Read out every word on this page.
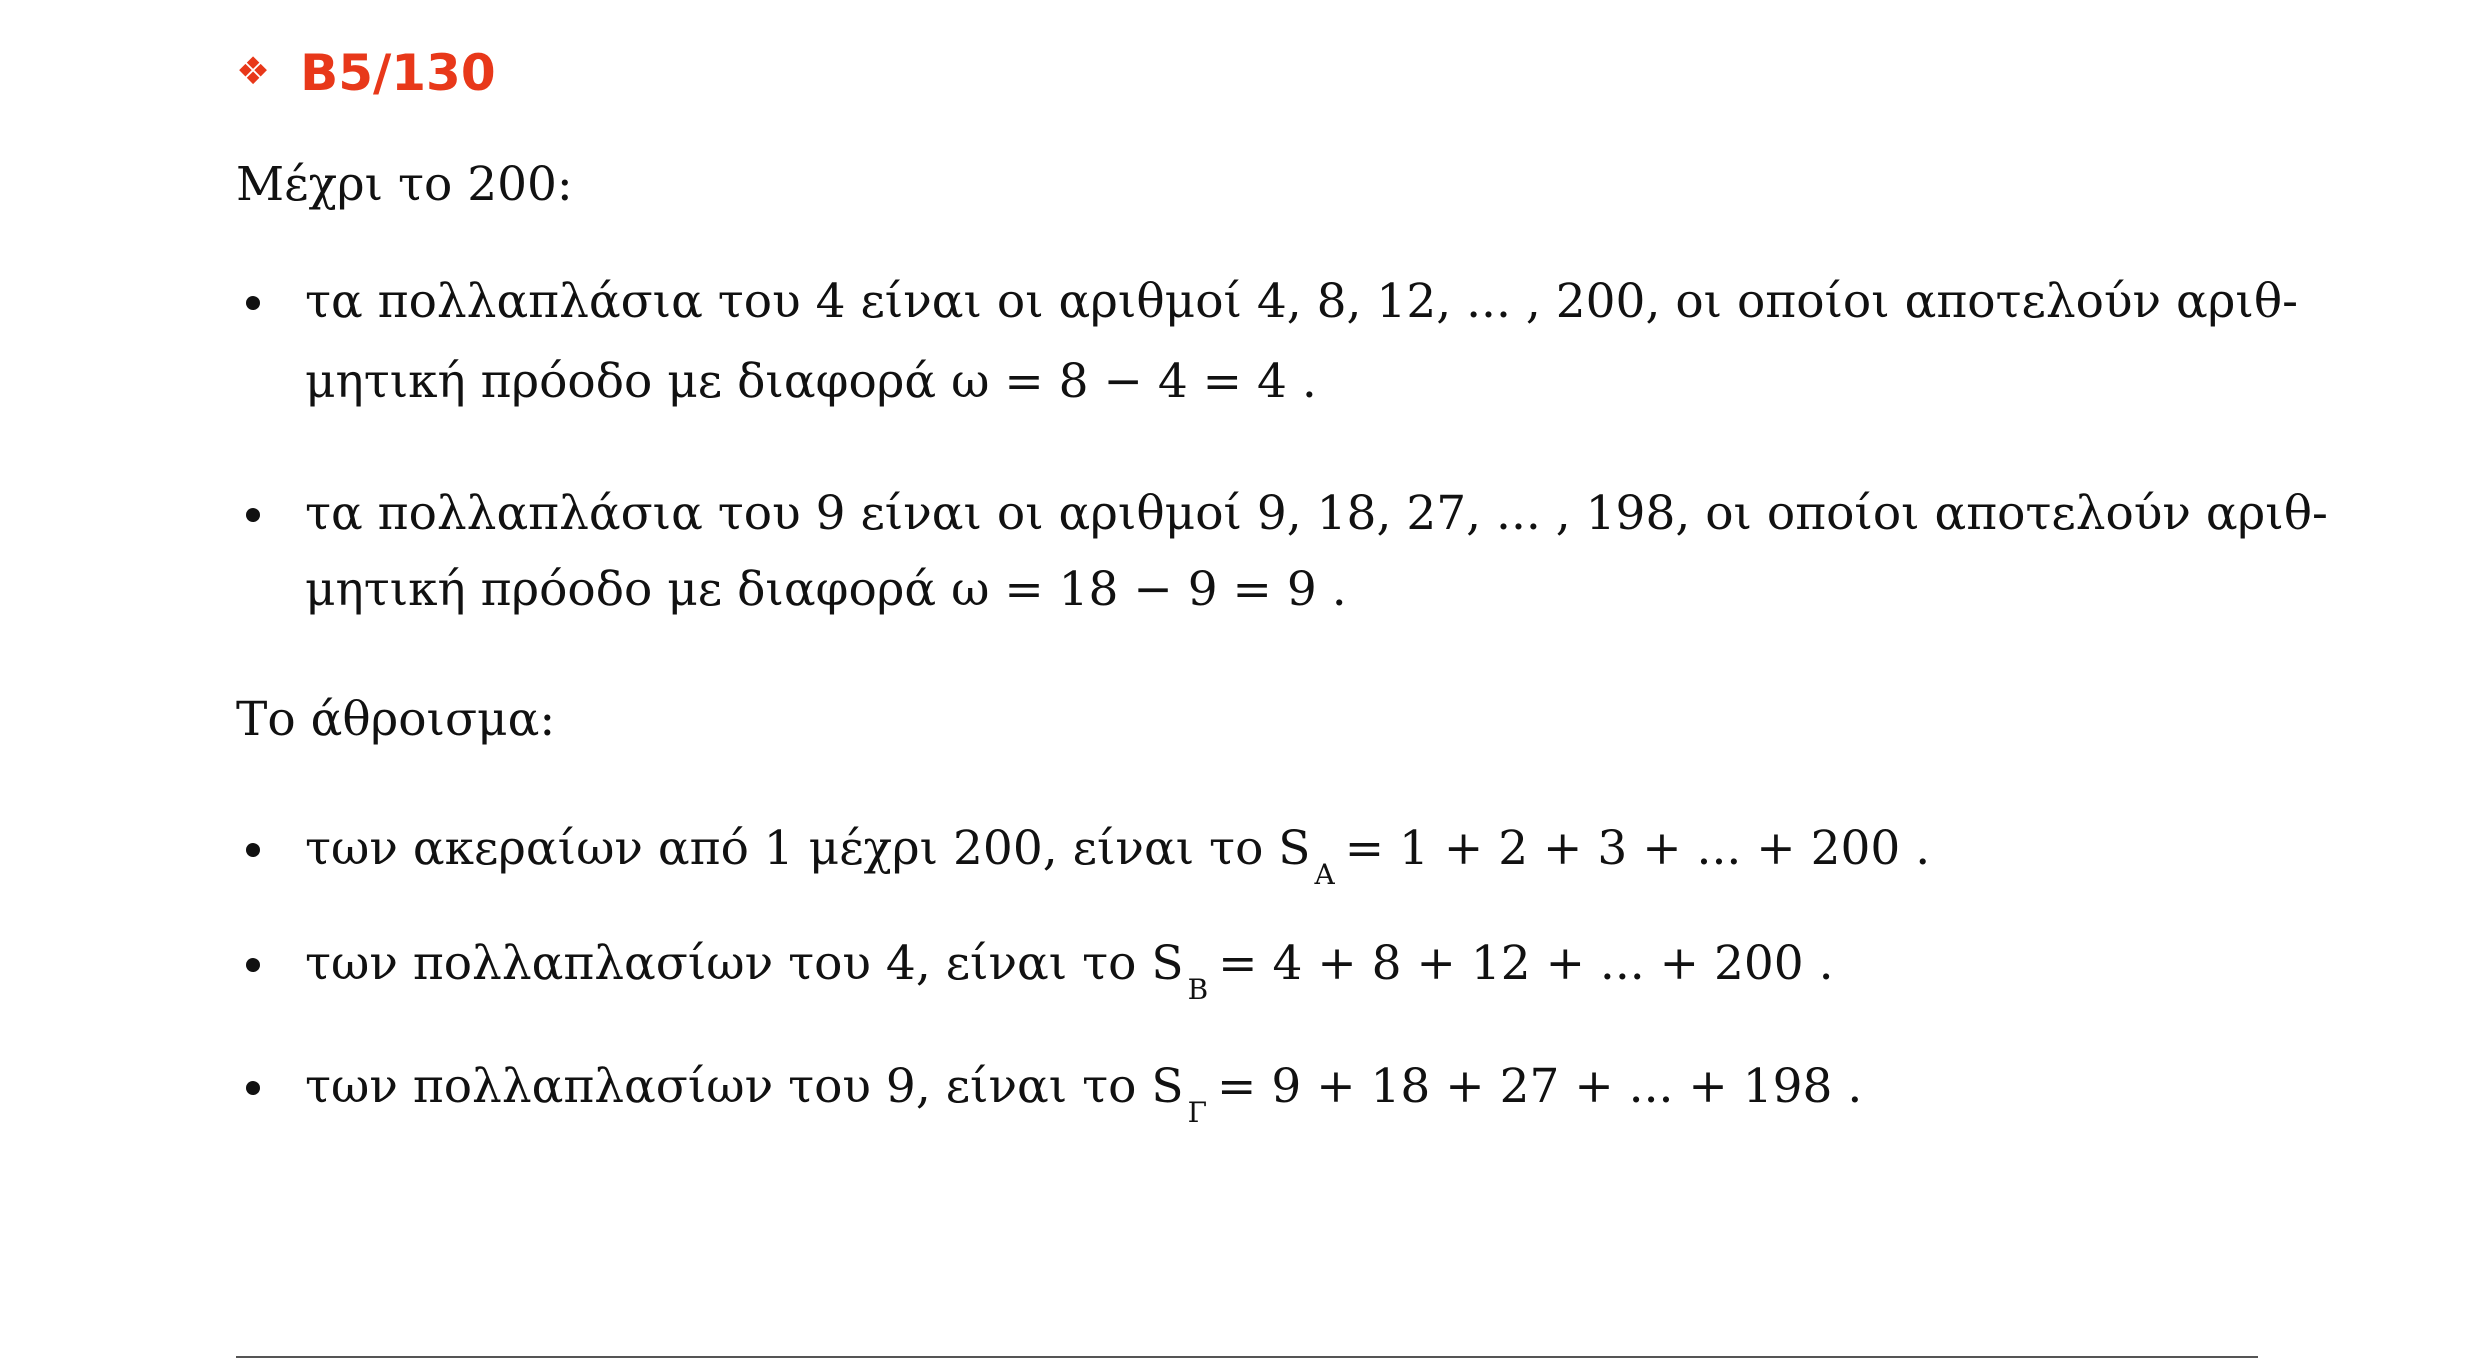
❖ B5/130
Μέχρι το 200:
τα πολλαπλάσια του 4 είναι οι αριθμοί 4, 8, 12, ... , 200, οι οποίοι αποτελούν αριθ-
μητική πρόοδο με διαφορά ω = 8 − 4 = 4 .
τα πολλαπλάσια του 9 είναι οι αριθμοί 9, 18, 27, ... , 198, οι οποίοι αποτελούν αριθ-
μητική πρόοδο με διαφορά ω = 18 − 9 = 9 .
Το άθροισμα:
των ακεραίων από 1 μέχρι 200, είναι το S $_A$ = 1 + 2 + 3 + ... + 200 .
των πολλαπλασίων του 4, είναι το S $_B$ = 4 + 8 + 12 + ... + 200 .
των πολλαπλασίων του 9, είναι το S $_\Gamma$ = 9 + 18 + 27 + ... + 198 .
